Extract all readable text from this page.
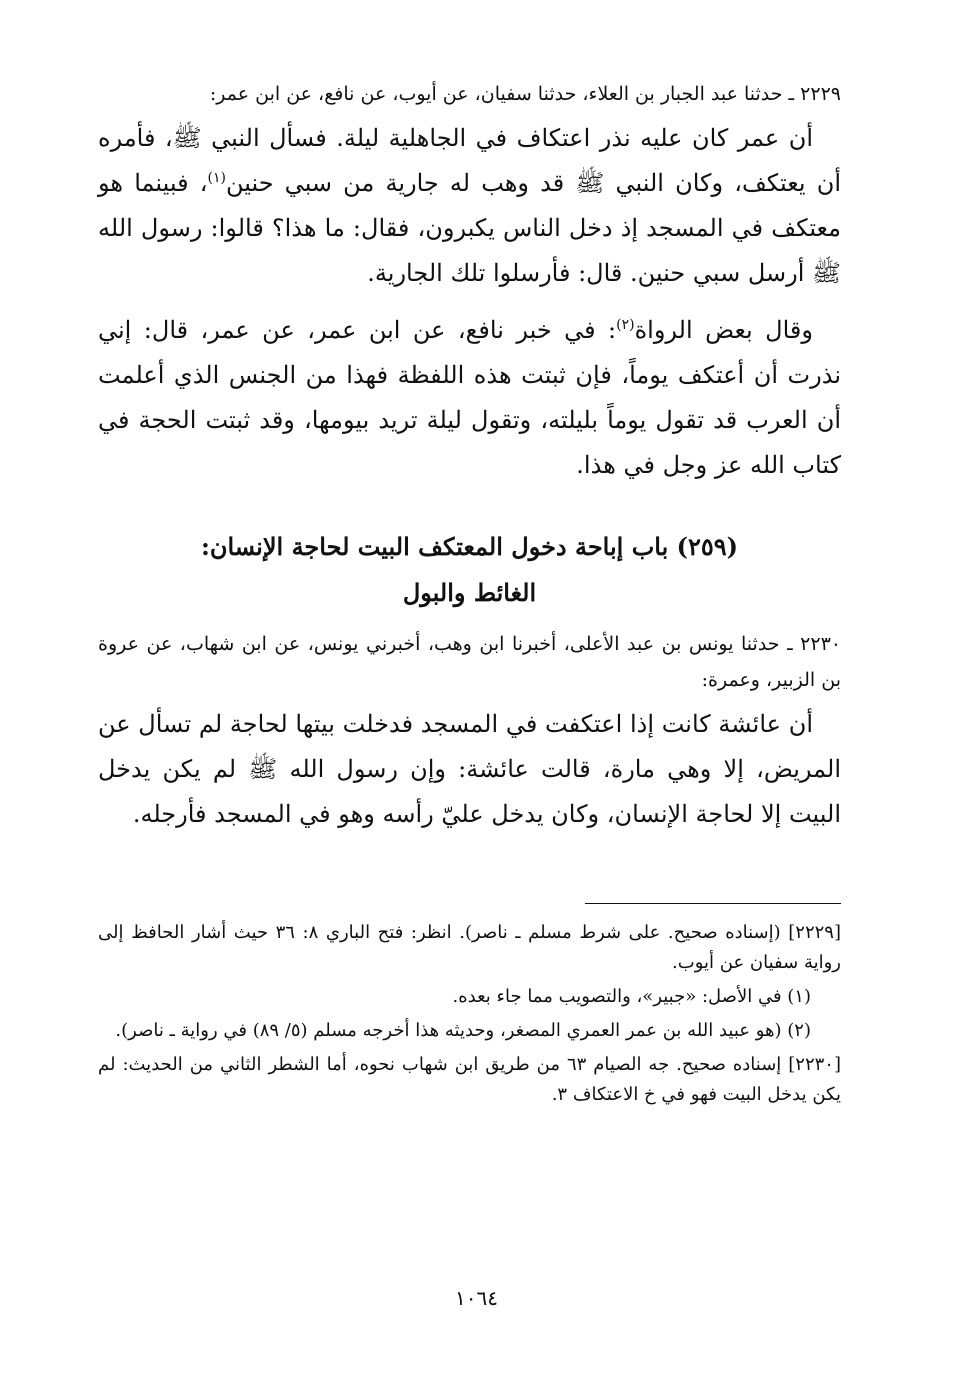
٢٢٢٩ ـ حدثنا عبد الجبار بن العلاء، حدثنا سفيان، عن أيوب، عن نافع، عن ابن عمر:

أن عمر كان عليه نذر اعتكاف في الجاهلية ليلة. فسأل النبي ﷺ، فأمره أن يعتكف، وكان النبي ﷺ قد وهب له جارية من سبي حنين$^{(١)}$، فبينما هو معتكف في المسجد إذ دخل الناس يكبرون، فقال: ما هذا؟ قالوا: رسول الله ﷺ أرسل سبي حنين. قال: فأرسلوا تلك الجارية.

وقال بعض الرواة$^{(٢)}$: في خبر نافع، عن ابن عمر، عن عمر، قال: إني نذرت أن أعتكف يوماً، فإن ثبتت هذه اللفظة فهذا من الجنس الذي أعلمت أن العرب قد تقول يوماً بليلته، وتقول ليلة تريد بيومها، وقد ثبتت الحجة في كتاب الله عز وجل في هذا.

(٢٥٩) باب إباحة دخول المعتكف البيت لحاجة الإنسان:
الغائط والبول

٢٢٣٠ ـ حدثنا يونس بن عبد الأعلى، أخبرنا ابن وهب، أخبرني يونس، عن ابن شهاب، عن عروة بن الزبير، وعمرة:

أن عائشة كانت إذا اعتكفت في المسجد فدخلت بيتها لحاجة لم تسأل عن المريض، إلا وهي مارة، قالت عائشة: وإن رسول الله ﷺ لم يكن يدخل البيت إلا لحاجة الإنسان، وكان يدخل عليّ رأسه وهو في المسجد فأرجله.

[٢٢٢٩] (إسناده صحيح. على شرط مسلم ـ ناصر). انظر: فتح الباري ٨: ٣٦ حيث أشار الحافظ إلى رواية سفيان عن أيوب.

(١) في الأصل: «جبير»، والتصويب مما جاء بعده.

(٢) (هو عبيد الله بن عمر العمري المصغر، وحديثه هذا أخرجه مسلم (٥/ ٨٩) في رواية ـ ناصر).

[٢٢٣٠] إسناده صحيح. جه الصيام ٦٣ من طريق ابن شهاب نحوه، أما الشطر الثاني من الحديث: لم يكن يدخل البيت فهو في خ الاعتكاف ٣.

١٠٦٤
